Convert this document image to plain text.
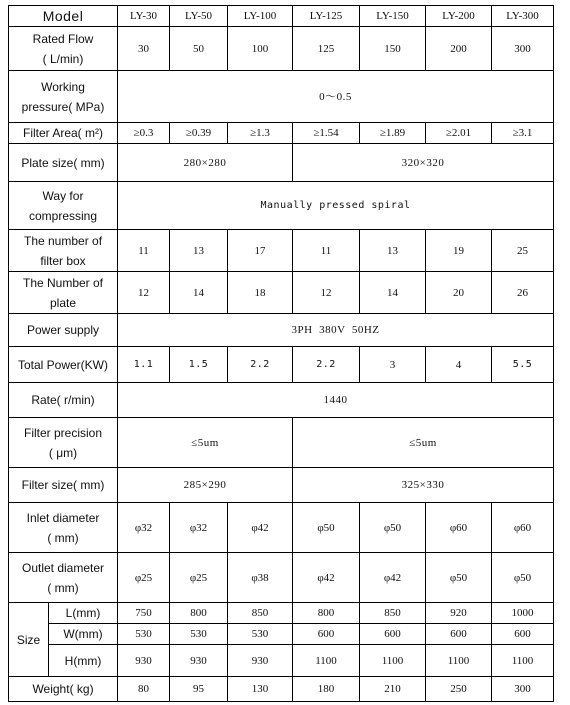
Model		LY-30	LY-50	LY-100	LY-125	LY-150	LY-200	LY-300

Rated Flow
( L/min)		30	50	100	125	150	200	300

Working
pressure( MPa)		0～0.5						
Filter Area( m²)		≥0.3	≥0.39	≥1.3	≥1.54	≥1.89	≥2.01	≥3.1
Plate size( mm)		280×280			320×320			

Way for
compressing		Manually pressed spiral						

The number of
filter box		11	13	17	11	13	19	25

The Number of
plate		12	14	18	12	14	20	26
Power supply		3PH  380V  50HZ						
Total Power(KW)		1.1	1.5	2.2	2.2	3	4	5.5
Rate( r/min)		1440						

Filter precision
( μm)		≤5um			≤5um			
Filter size( mm)		285×290			325×330			

Inlet diameter
( mm)		φ32	φ32	φ42	φ50	φ50	φ60	φ60

Outlet diameter
( mm)		φ25	φ25	φ38	φ42	φ42	φ50	φ50
Size	L(mm)	750	800	850	800	850	920	1000
	W(mm)	530	530	530	600	600	600	600
	H(mm)	930	930	930	1100	1100	1100	1100
Weight( kg)		80	95	130	180	210	250	300
